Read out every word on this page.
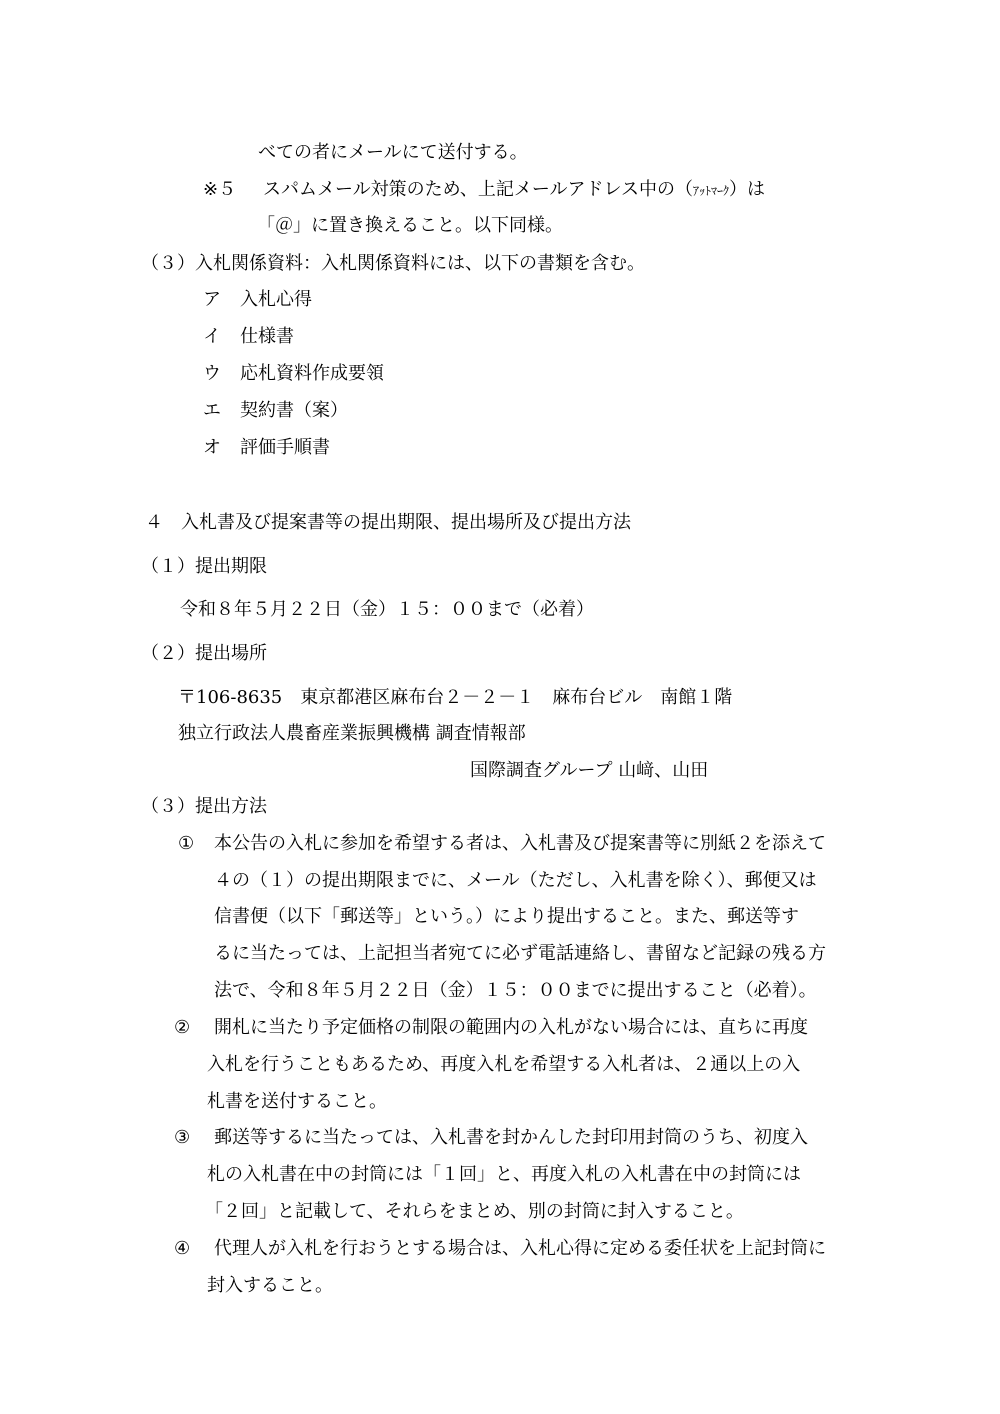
べての者にメールにて送付する。
※５ スパムメール対策のため、上記メールアドレス中の（ｱｯﾄﾏｰｸ）は
「＠」に置き換えること。以下同様。
（３）入札関係資料：入札関係資料には、以下の書類を含む。
ア 入札心得
イ 仕様書
ウ 応札資料作成要領
エ 契約書（案）
オ 評価手順書
４　入札書及び提案書等の提出期限、提出場所及び提出方法
（１）提出期限
令和８年５月２２日（金）１５：００まで（必着）
（２）提出場所
〒106-8635　東京都港区麻布台２－２－１　麻布台ビル　南館１階
独立行政法人農畜産業振興機構 調査情報部
国際調査グループ 山﨑、山田
（３）提出方法
① 本公告の入札に参加を希望する者は、入札書及び提案書等に別紙２を添えて
４の（１）の提出期限までに、メール（ただし、入札書を除く）、郵便又は
信書便（以下「郵送等」という。）により提出すること。また、郵送等す
るに当たっては、上記担当者宛てに必ず電話連絡し、書留など記録の残る方
法で、令和８年５月２２日（金）１５：００までに提出すること（必着）。
② 開札に当たり予定価格の制限の範囲内の入札がない場合には、直ちに再度
入札を行うこともあるため、再度入札を希望する入札者は、２通以上の入
札書を送付すること。
③ 郵送等するに当たっては、入札書を封かんした封印用封筒のうち、初度入
札の入札書在中の封筒には「１回」と、再度入札の入札書在中の封筒には
「２回」と記載して、それらをまとめ、別の封筒に封入すること。
④ 代理人が入札を行おうとする場合は、入札心得に定める委任状を上記封筒に
封入すること。
